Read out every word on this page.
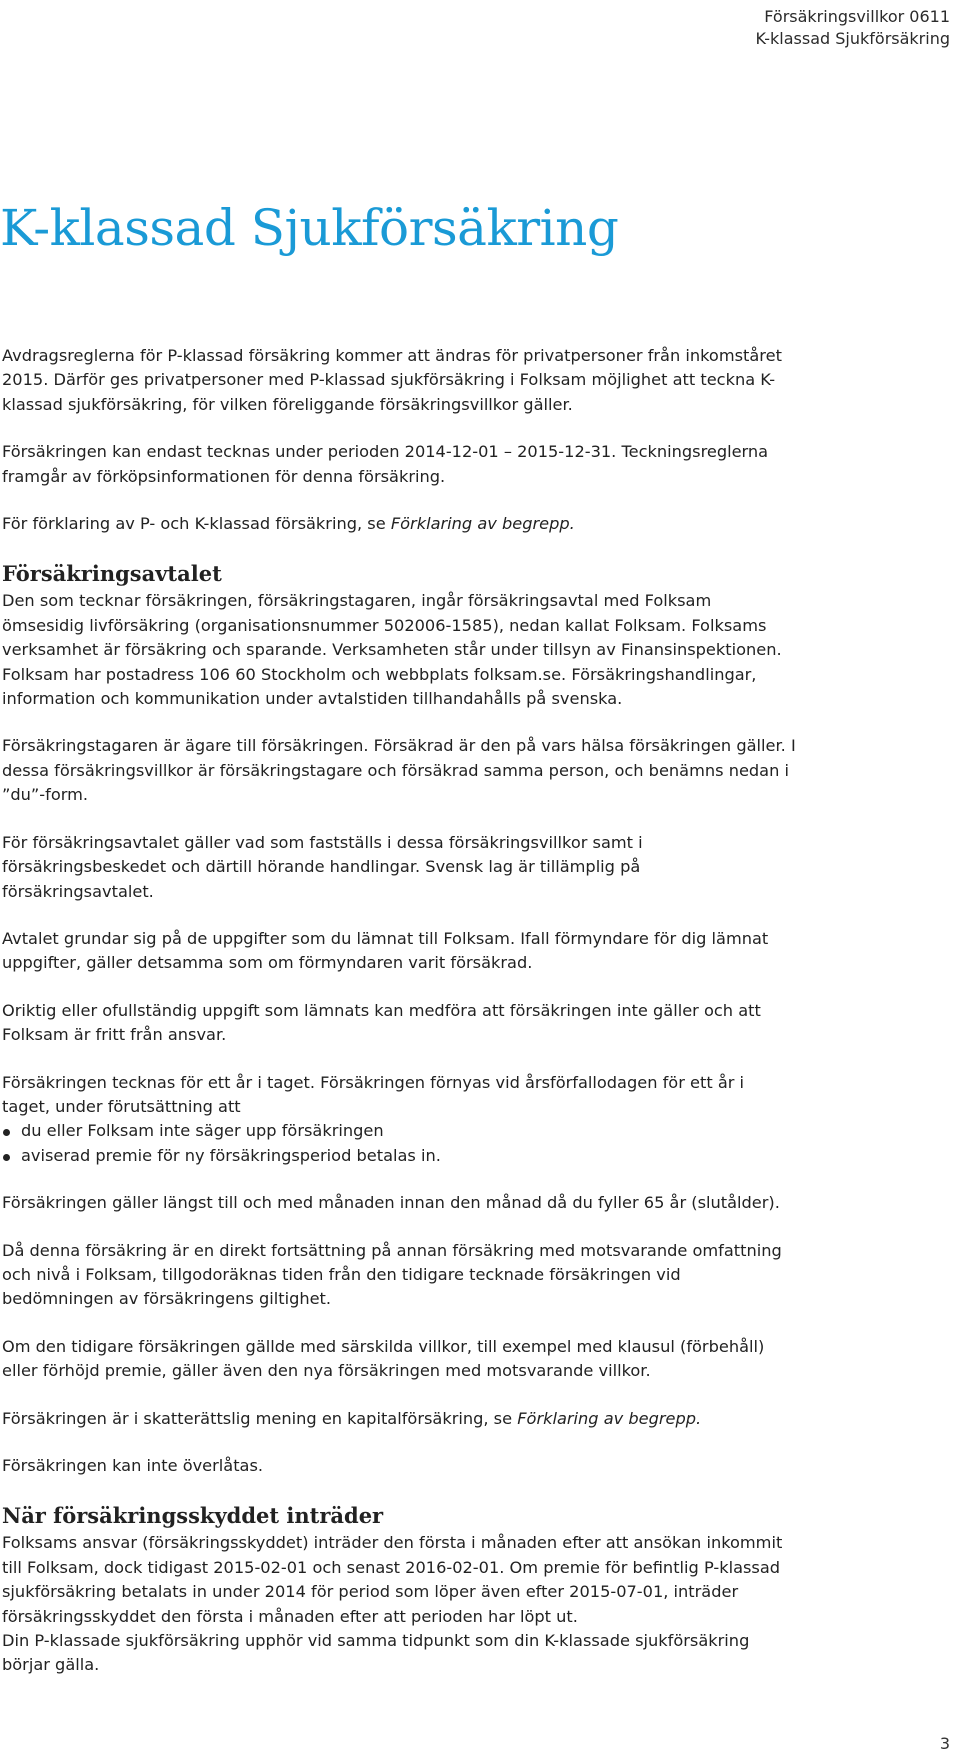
Försäkringsvillkor 0611
K-klassad Sjukförsäkring
K-klassad Sjukförsäkring

Avdragsreglerna för P-klassad försäkring kommer att ändras för privatpersoner från inkomståret 2015. Därför ges privatpersoner med P-klassad sjukförsäkring i Folksam möjlighet att teckna K-klassad sjukförsäkring, för vilken föreliggande försäkringsvillkor gäller.

Försäkringen kan endast tecknas under perioden 2014-12-01 – 2015-12-31. Teckningsreglerna framgår av förköpsinformationen för denna försäkring.

För förklaring av P- och K-klassad försäkring, se Förklaring av begrepp.

Försäkringsavtalet

Den som tecknar försäkringen, försäkringstagaren, ingår försäkringsavtal med Folksam ömsesidig livförsäkring (organisationsnummer 502006-1585), nedan kallat Folksam. Folksams verksamhet är försäkring och sparande. Verksamheten står under tillsyn av Finansinspektionen. Folksam har postadress 106 60 Stockholm och webbplats folksam.se. Försäkringshandlingar, information och kommunikation under avtalstiden tillhandahålls på svenska.

Försäkringstagaren är ägare till försäkringen. Försäkrad är den på vars hälsa försäkringen gäller. I dessa försäkringsvillkor är försäkringstagare och försäkrad samma person, och benämns nedan i ”du”-form.

För försäkringsavtalet gäller vad som fastställs i dessa försäkringsvillkor samt i försäkringsbeskedet och därtill hörande handlingar. Svensk lag är tillämplig på försäkringsavtalet.

Avtalet grundar sig på de uppgifter som du lämnat till Folksam. Ifall förmyndare för dig lämnat uppgifter, gäller detsamma som om förmyndaren varit försäkrad.

Oriktig eller ofullständig uppgift som lämnats kan medföra att försäkringen inte gäller och att Folksam är fritt från ansvar.

Försäkringen tecknas för ett år i taget. Försäkringen förnyas vid årsförfallodagen för ett år i taget, under förutsättning att

du eller Folksam inte säger upp försäkringen
aviserad premie för ny försäkringsperiod betalas in.

Försäkringen gäller längst till och med månaden innan den månad då du fyller 65 år (slutålder).

Då denna försäkring är en direkt fortsättning på annan försäkring med motsvarande omfattning och nivå i Folksam, tillgodoräknas tiden från den tidigare tecknade försäkringen vid bedömningen av försäkringens giltighet.

Om den tidigare försäkringen gällde med särskilda villkor, till exempel med klausul (förbehåll) eller förhöjd premie, gäller även den nya försäkringen med motsvarande villkor.

Försäkringen är i skatterättslig mening en kapitalförsäkring, se Förklaring av begrepp.

Försäkringen kan inte överlåtas.

När försäkringsskyddet inträder

Folksams ansvar (försäkringsskyddet) inträder den första i månaden efter att ansökan inkommit till Folksam, dock tidigast 2015-02-01 och senast 2016-02-01. Om premie för befintlig P-klassad sjukförsäkring betalats in under 2014 för period som löper även efter 2015-07-01, inträder försäkringsskyddet den första i månaden efter att perioden har löpt ut.

Din P-klassade sjukförsäkring upphör vid samma tidpunkt som din K-klassade sjukförsäkring börjar gälla.

3
